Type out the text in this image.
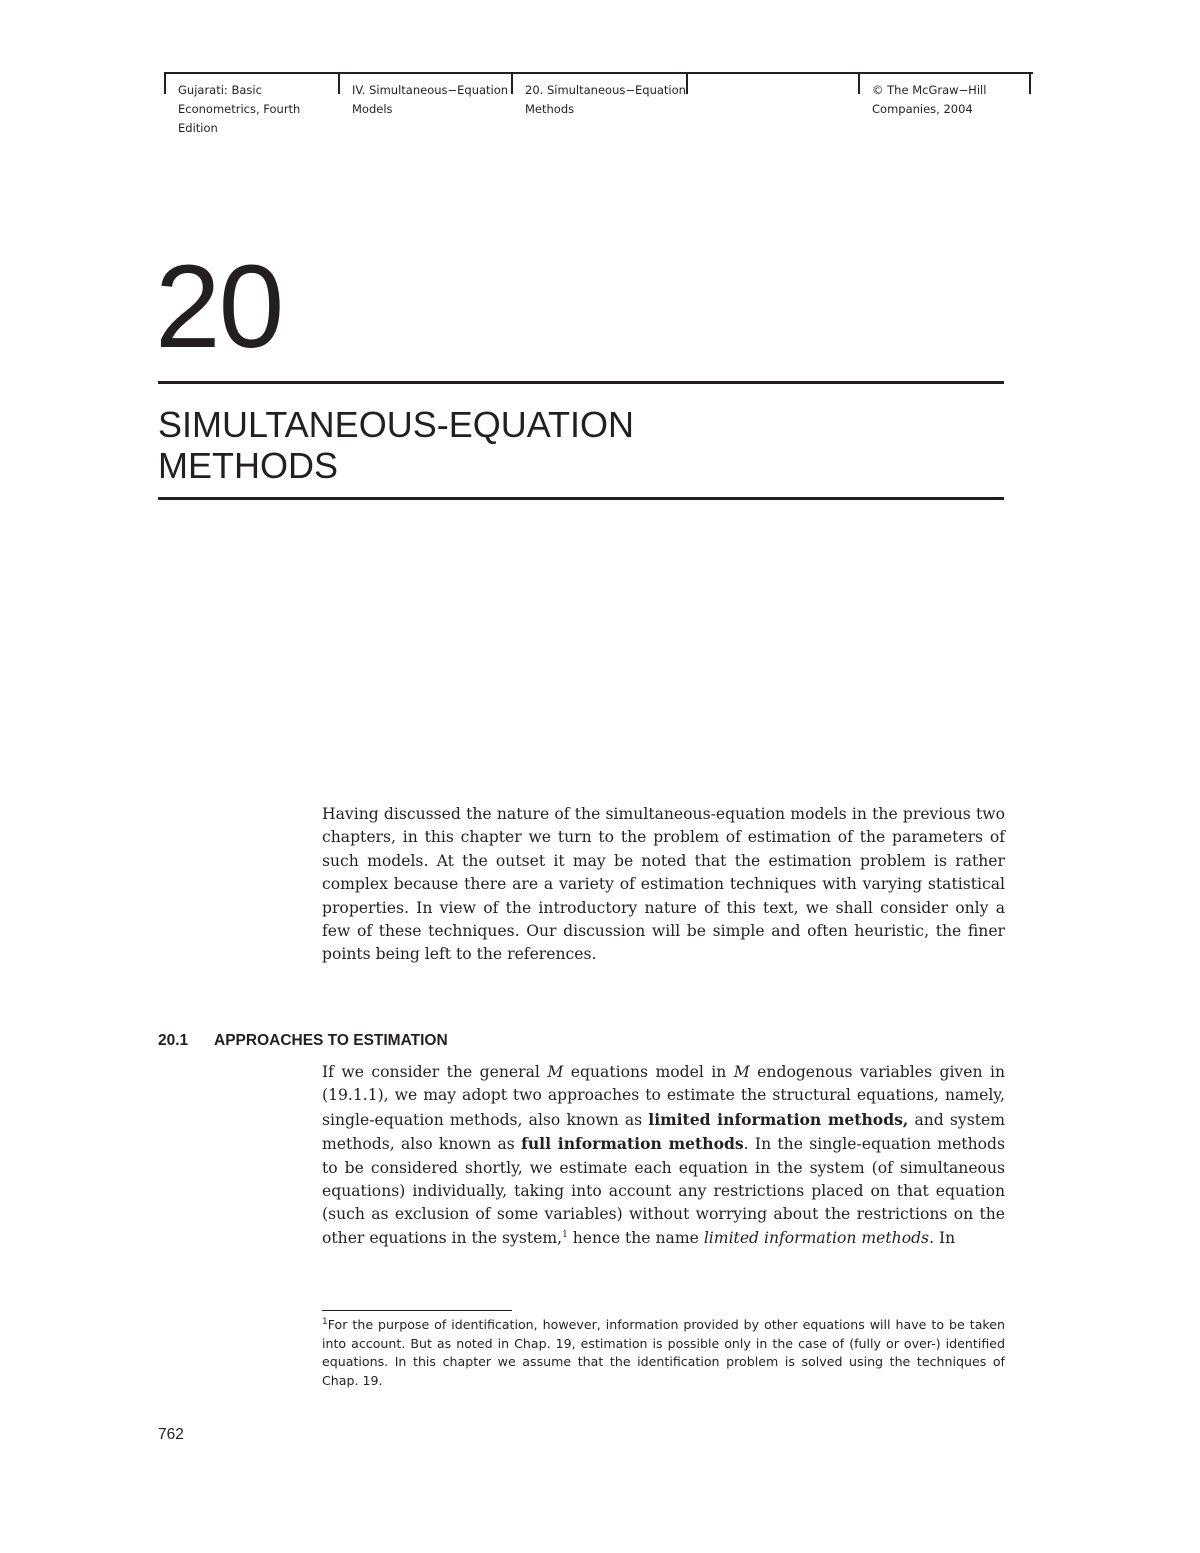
Gujarati: Basic
Econometrics, Fourth
Edition
IV. Simultaneous−Equation
Models
20. Simultaneous−Equation
Methods
© The McGraw−Hill
Companies, 2004
20
SIMULTANEOUS-EQUATION
METHODS
Having discussed the nature of the simultaneous-equation models in the previous two chapters, in this chapter we turn to the problem of estimation of the parameters of such models. At the outset it may be noted that the estimation problem is rather complex because there are a variety of estimation techniques with varying statistical properties. In view of the introductory nature of this text, we shall consider only a few of these techniques. Our discussion will be simple and often heuristic, the finer points being left to the references.
20.1 APPROACHES TO ESTIMATION
If we consider the general M equations model in M endogenous variables given in (19.1.1), we may adopt two approaches to estimate the structural equations, namely, single-equation methods, also known as limited information methods, and system methods, also known as full information methods. In the single-equation methods to be considered shortly, we estimate each equation in the system (of simultaneous equations) individually, taking into account any restrictions placed on that equation (such as exclusion of some variables) without worrying about the restrictions on the other equations in the system,$^1$ hence the name limited information methods. In
$^1$For the purpose of identification, however, information provided by other equations will have to be taken into account. But as noted in Chap. 19, estimation is possible only in the case of (fully or over-) identified equations. In this chapter we assume that the identification problem is solved using the techniques of Chap. 19.
762
